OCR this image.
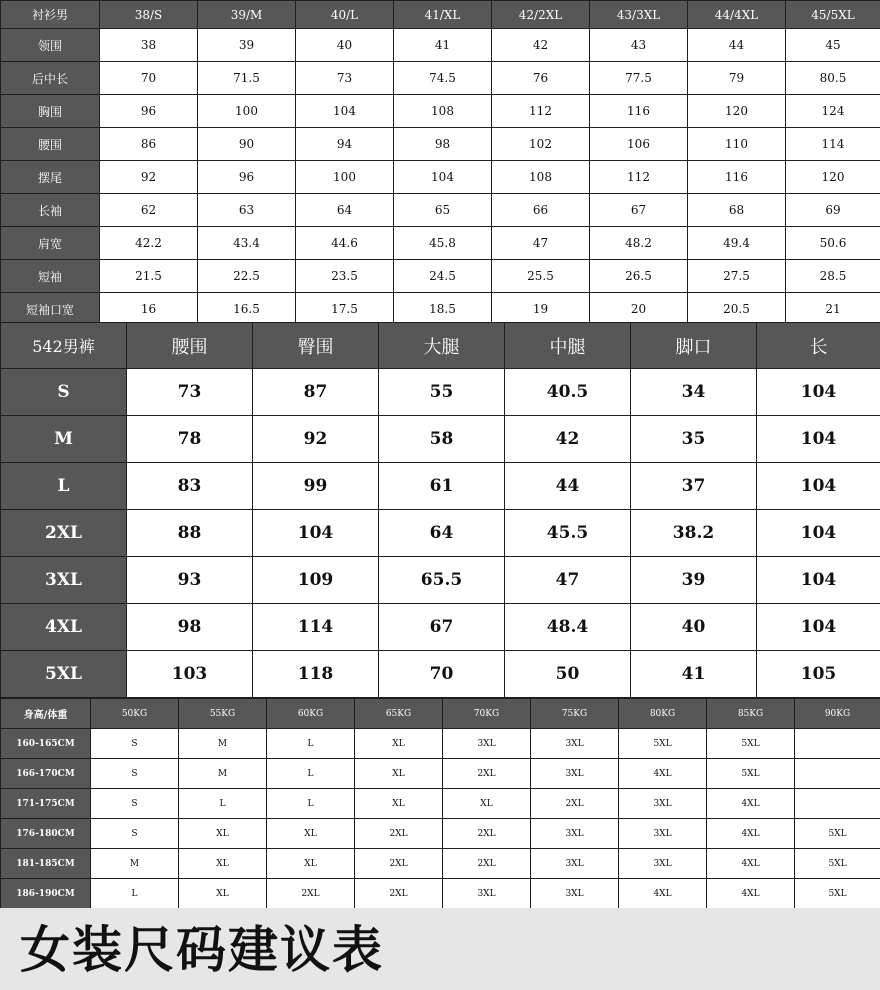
衬衫男	38/S	39/M	40/L	41/XL	42/2XL	43/3XL	44/4XL	45/5XL
领围	38	39	40	41	42	43	44	45
后中长	70	71.5	73	74.5	76	77.5	79	80.5
胸围	96	100	104	108	112	116	120	124
腰围	86	90	94	98	102	106	110	114
摆尾	92	96	100	104	108	112	116	120
长袖	62	63	64	65	66	67	68	69
肩宽	42.2	43.4	44.6	45.8	47	48.2	49.4	50.6
短袖	21.5	22.5	23.5	24.5	25.5	26.5	27.5	28.5
短袖口宽	16	16.5	17.5	18.5	19	20	20.5	21
542男裤	腰围	臀围	大腿	中腿	脚口	长
S	73	87	55	40.5	34	104
M	78	92	58	42	35	104
L	83	99	61	44	37	104
2XL	88	104	64	45.5	38.2	104
3XL	93	109	65.5	47	39	104
4XL	98	114	67	48.4	40	104
5XL	103	118	70	50	41	105
身高/体重	50KG	55KG	60KG	65KG	70KG	75KG	80KG	85KG	90KG
160-165CM	S	M	L	XL	3XL	3XL	5XL	5XL	
166-170CM	S	M	L	XL	2XL	3XL	4XL	5XL	
171-175CM	S	L	L	XL	XL	2XL	3XL	4XL	
176-180CM	S	XL	XL	2XL	2XL	3XL	3XL	4XL	5XL
181-185CM	M	XL	XL	2XL	2XL	3XL	3XL	4XL	5XL
186-190CM	L	XL	2XL	2XL	3XL	3XL	4XL	4XL	5XL
女装尺码建议表
